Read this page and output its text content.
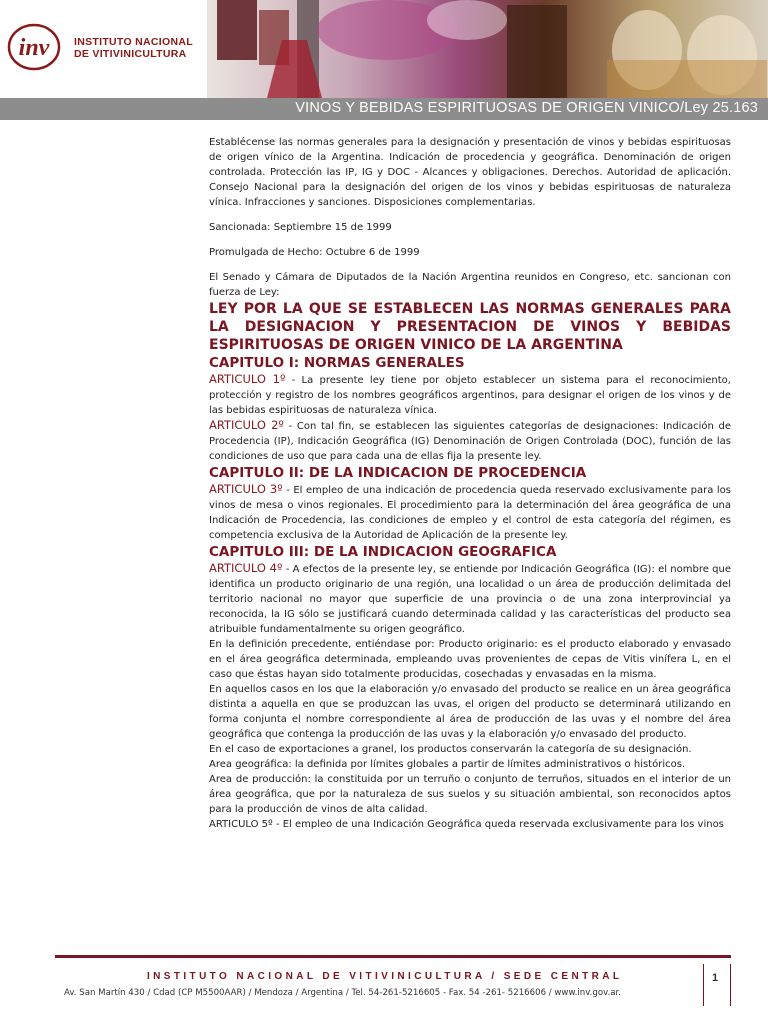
inv INSTITUTO NACIONAL
DE VITIVINICULTURA
VINOS Y BEBIDAS ESPIRITUOSAS DE ORIGEN VINICO/Ley 25.163

Establécense las normas generales para la designación y presentación de vinos y bebidas espirituosas de origen vínico de la Argentina. Indicación de procedencia y geográfica. Denominación de origen controlada. Protección las IP, IG y DOC - Alcances y obligaciones. Derechos. Autoridad de aplicación. Consejo Nacional para la designación del origen de los vinos y bebidas espirituosas de naturaleza vínica. Infracciones y sanciones. Disposiciones complementarias.

Sancionada: Septiembre 15 de 1999

Promulgada de Hecho: Octubre 6 de 1999

El Senado y Cámara de Diputados de la Nación Argentina reunidos en Congreso, etc. sancionan con fuerza de Ley:

LEY POR LA QUE SE ESTABLECEN LAS NORMAS GENERALES PARA LA DESIGNACION Y PRESENTACION DE VINOS Y BEBIDAS ESPIRITUOSAS DE ORIGEN VINICO DE LA ARGENTINA

CAPITULO I: NORMAS GENERALES

ARTICULO 1º - La presente ley tiene por objeto establecer un sistema para el reconocimiento, protección y registro de los nombres geográficos argentinos, para designar el origen de los vinos y de las bebidas espirituosas de naturaleza vínica.

ARTICULO 2º - Con tal fin, se establecen las siguientes categorías de designaciones: Indicación de Procedencia (IP), Indicación Geográfica (IG) Denominación de Origen Controlada (DOC), función de las condiciones de uso que para cada una de ellas fija la presente ley.

CAPITULO II: DE LA INDICACION DE PROCEDENCIA

ARTICULO 3º - El empleo de una indicación de procedencia queda reservado exclusivamente para los vinos de mesa o vinos regionales. El procedimiento para la determinación del área geográfica de una Indicación de Procedencia, las condiciones de empleo y el control de esta categoría del régimen, es competencia exclusiva de la Autoridad de Aplicación de la presente ley.

CAPITULO III: DE LA INDICACION GEOGRAFICA

ARTICULO 4º - A efectos de la presente ley, se entiende por Indicación Geográfica (IG): el nombre que identifica un producto originario de una región, una localidad o un área de producción delimitada del territorio nacional no mayor que superficie de una provincia o de una zona interprovincial ya reconocida, la IG sólo se justificará cuando determinada calidad y las características del producto sea atribuible fundamentalmente su origen geográfico.

En la definición precedente, entiéndase por: Producto originario: es el producto elaborado y envasado en el área geográfica determinada, empleando uvas provenientes de cepas de Vitis vinífera L, en el caso que éstas hayan sido totalmente producidas, cosechadas y envasadas en la misma.

En aquellos casos en los que la elaboración y/o envasado del producto se realice en un área geográfica distinta a aquella en que se produzcan las uvas, el origen del producto se determinará utilizando en forma conjunta el nombre correspondiente al área de producción de las uvas y el nombre del área geográfica que contenga la producción de las uvas y la elaboración y/o envasado del producto.

En el caso de exportaciones a granel, los productos conservarán la categoría de su designación.

Area geográfica: la definida por límites globales a partir de límites administrativos o históricos.

Area de producción: la constituida por un terruño o conjunto de terruños, situados en el interior de un área geográfica, que por la naturaleza de sus suelos y su situación ambiental, son reconocidos aptos para la producción de vinos de alta calidad.

ARTICULO 5º - El empleo de una Indicación Geográfica queda reservada exclusivamente para los vinos

INSTITUTO NACIONAL DE VITIVINICULTURA / SEDE CENTRAL
Av. San Martín 430 / Cdad (CP M5500AAR) / Mendoza / Argentina / Tel. 54-261-5216605 - Fax. 54 -261- 5216606 / www.inv.gov.ar.
1
